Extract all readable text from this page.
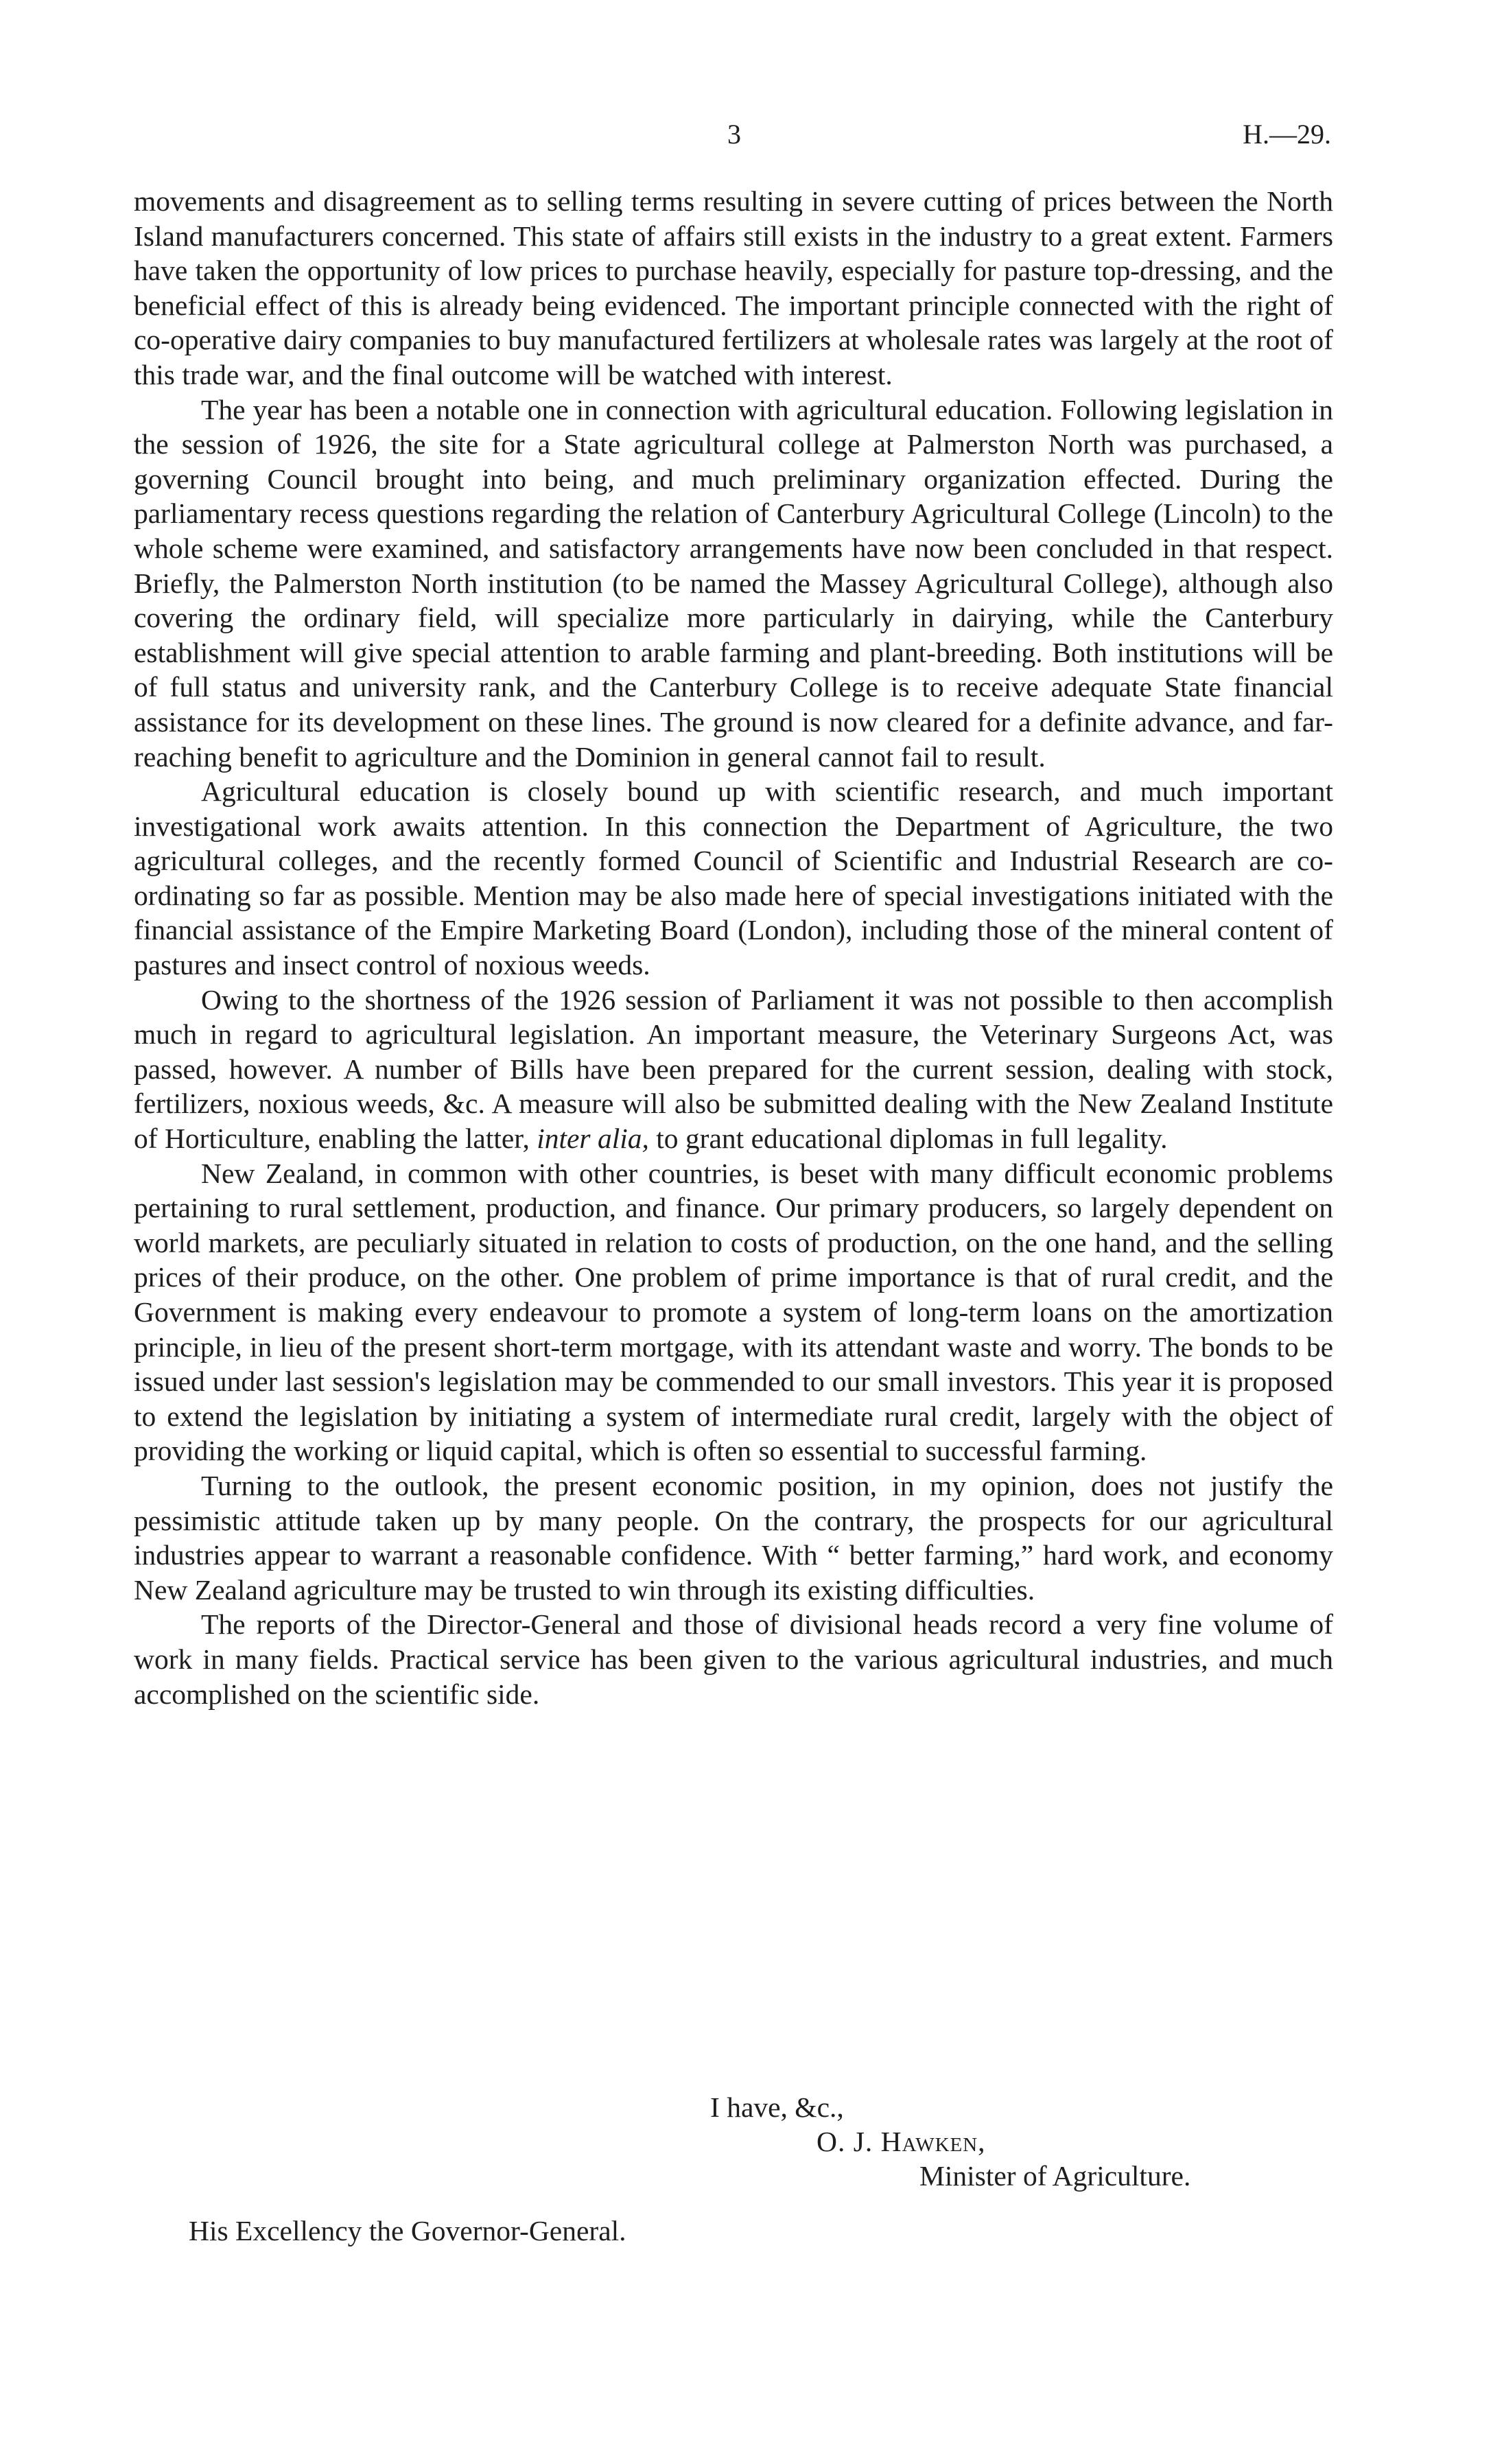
3	H.—29.

movements and disagreement as to selling terms resulting in severe cutting of prices between the North Island manufacturers concerned. This state of affairs still exists in the industry to a great extent. Farmers have taken the opportunity of low prices to purchase heavily, especially for pasture top-dressing, and the beneficial effect of this is already being evidenced. The important principle connected with the right of co-operative dairy companies to buy manufactured fertilizers at wholesale rates was largely at the root of this trade war, and the final outcome will be watched with interest.

The year has been a notable one in connection with agricultural education. Following legislation in the session of 1926, the site for a State agricultural college at Palmerston North was purchased, a governing Council brought into being, and much preliminary organization effected. During the parliamentary recess questions regarding the relation of Canterbury Agricultural College (Lincoln) to the whole scheme were examined, and satisfactory arrangements have now been concluded in that respect. Briefly, the Palmerston North institution (to be named the Massey Agricultural College), although also covering the ordinary field, will specialize more particularly in dairying, while the Canterbury establishment will give special attention to arable farming and plant-breeding. Both institutions will be of full status and university rank, and the Canterbury College is to receive adequate State financial assistance for its development on these lines. The ground is now cleared for a definite advance, and far-reaching benefit to agriculture and the Dominion in general cannot fail to result.

Agricultural education is closely bound up with scientific research, and much important investigational work awaits attention. In this connection the Department of Agriculture, the two agricultural colleges, and the recently formed Council of Scientific and Industrial Research are co-ordinating so far as possible. Mention may be also made here of special investigations initiated with the financial assistance of the Empire Marketing Board (London), including those of the mineral content of pastures and insect control of noxious weeds.

Owing to the shortness of the 1926 session of Parliament it was not possible to then accomplish much in regard to agricultural legislation. An important measure, the Veterinary Surgeons Act, was passed, however. A number of Bills have been prepared for the current session, dealing with stock, fertilizers, noxious weeds, &c. A measure will also be submitted dealing with the New Zealand Institute of Horticulture, enabling the latter, inter alia, to grant educational diplomas in full legality.

New Zealand, in common with other countries, is beset with many difficult economic problems pertaining to rural settlement, production, and finance. Our primary producers, so largely dependent on world markets, are peculiarly situated in relation to costs of production, on the one hand, and the selling prices of their produce, on the other. One problem of prime importance is that of rural credit, and the Government is making every endeavour to promote a system of long-term loans on the amortization principle, in lieu of the present short-term mortgage, with its attendant waste and worry. The bonds to be issued under last session's legislation may be commended to our small investors. This year it is proposed to extend the legislation by initiating a system of intermediate rural credit, largely with the object of providing the working or liquid capital, which is often so essential to successful farming.

Turning to the outlook, the present economic position, in my opinion, does not justify the pessimistic attitude taken up by many people. On the contrary, the prospects for our agricultural industries appear to warrant a reasonable confidence. With “ better farming,” hard work, and economy New Zealand agriculture may be trusted to win through its existing difficulties.

The reports of the Director-General and those of divisional heads record a very fine volume of work in many fields. Practical service has been given to the various agricultural industries, and much accomplished on the scientific side.

I have, &c.,
O. J. Hawken,
Minister of Agriculture.
His Excellency the Governor-General.
